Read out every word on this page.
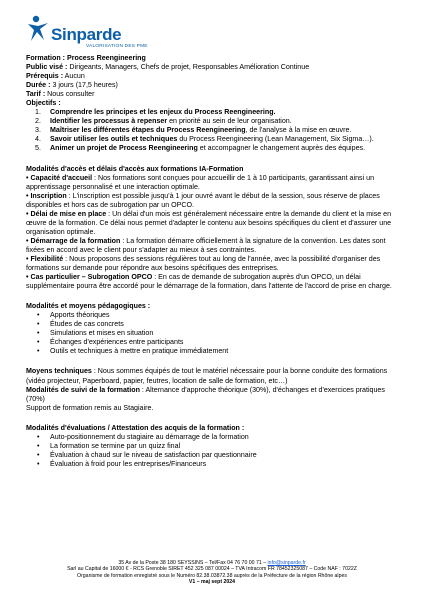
Sinparde
VALORISATION DES PME

Formation : Process Reengineering

Public visé : Dirigeants, Managers, Chefs de projet, Responsables Amélioration Continue

Prérequis : Aucun

Durée : 3 jours (17,5 heures)

Tarif : Nous consulter

Objectifs :

1. Comprendre les principes et les enjeux du Process Reengineering.
2. Identifier les processus à repenser en priorité au sein de leur organisation.
3. Maîtriser les différentes étapes du Process Reengineering, de l'analyse à la mise en œuvre.
4. Savoir utiliser les outils et techniques du Process Reengineering (Lean Management, Six Sigma…).
5. Animer un projet de Process Reengineering et accompagner le changement auprès des équipes.

Modalités d'accès et délais d'accès aux formations IA-Formation

• Capacité d'accueil : Nos formations sont conçues pour accueillir de 1 à 10 participants, garantissant ainsi un apprentissage personnalisé et une interaction optimale.

• Inscription : L'inscription est possible jusqu'à 1 jour ouvré avant le début de la session, sous réserve de places disponibles et hors cas de subrogation par un OPCO.

• Délai de mise en place : Un délai d'un mois est généralement nécessaire entre la demande du client et la mise en œuvre de la formation. Ce délai nous permet d'adapter le contenu aux besoins spécifiques du client et d'assurer une organisation optimale.

• Démarrage de la formation : La formation démarre officiellement à la signature de la convention. Les dates sont fixées en accord avec le client pour s'adapter au mieux à ses contraintes.

• Flexibilité : Nous proposons des sessions régulières tout au long de l'année, avec la possibilité d'organiser des formations sur demande pour répondre aux besoins spécifiques des entreprises.

• Cas particulier – Subrogation OPCO : En cas de demande de subrogation auprès d'un OPCO, un délai supplémentaire pourra être accordé pour le démarrage de la formation, dans l'attente de l'accord de prise en charge.

Modalités et moyens pédagogiques :

• Apports théoriques
• Études de cas concrets
• Simulations et mises en situation
• Échanges d'expériences entre participants
• Outils et techniques à mettre en pratique immédiatement

Moyens techniques : Nous sommes équipés de tout le matériel nécessaire pour la bonne conduite des formations (vidéo projecteur, Paperboard, papier, feutres, location de salle de formation, etc…)

Modalités de suivi de la formation : Alternance d'approche théorique (30%), d'échanges et d'exercices pratiques (70%)

Support de formation remis au Stagiaire.

Modalités d'évaluations / Attestation des acquis de la formation :

• Auto-positionnement du stagiaire au démarrage de la formation
• La formation se termine par un quizz final
• Évaluation à chaud sur le niveau de satisfaction par questionnaire
• Évaluation à froid pour les entreprises/Financeurs
35 Av de la Poste 38 180 SEYSSINS – Tel/Fax 04 76 70 00 71 – info@sinparde.fr
Sarl au Capital de 16000 € - RCS Grenoble SIRET 452 325 087 00024 – TVA Intracom FR 78452325087 – Code NAF : 7022Z
Organisme de formation enregistré sous le Numéro 82.38.03872.38 auprès de la Préfecture de la région Rhône alpes
V1 – maj sept 2024
